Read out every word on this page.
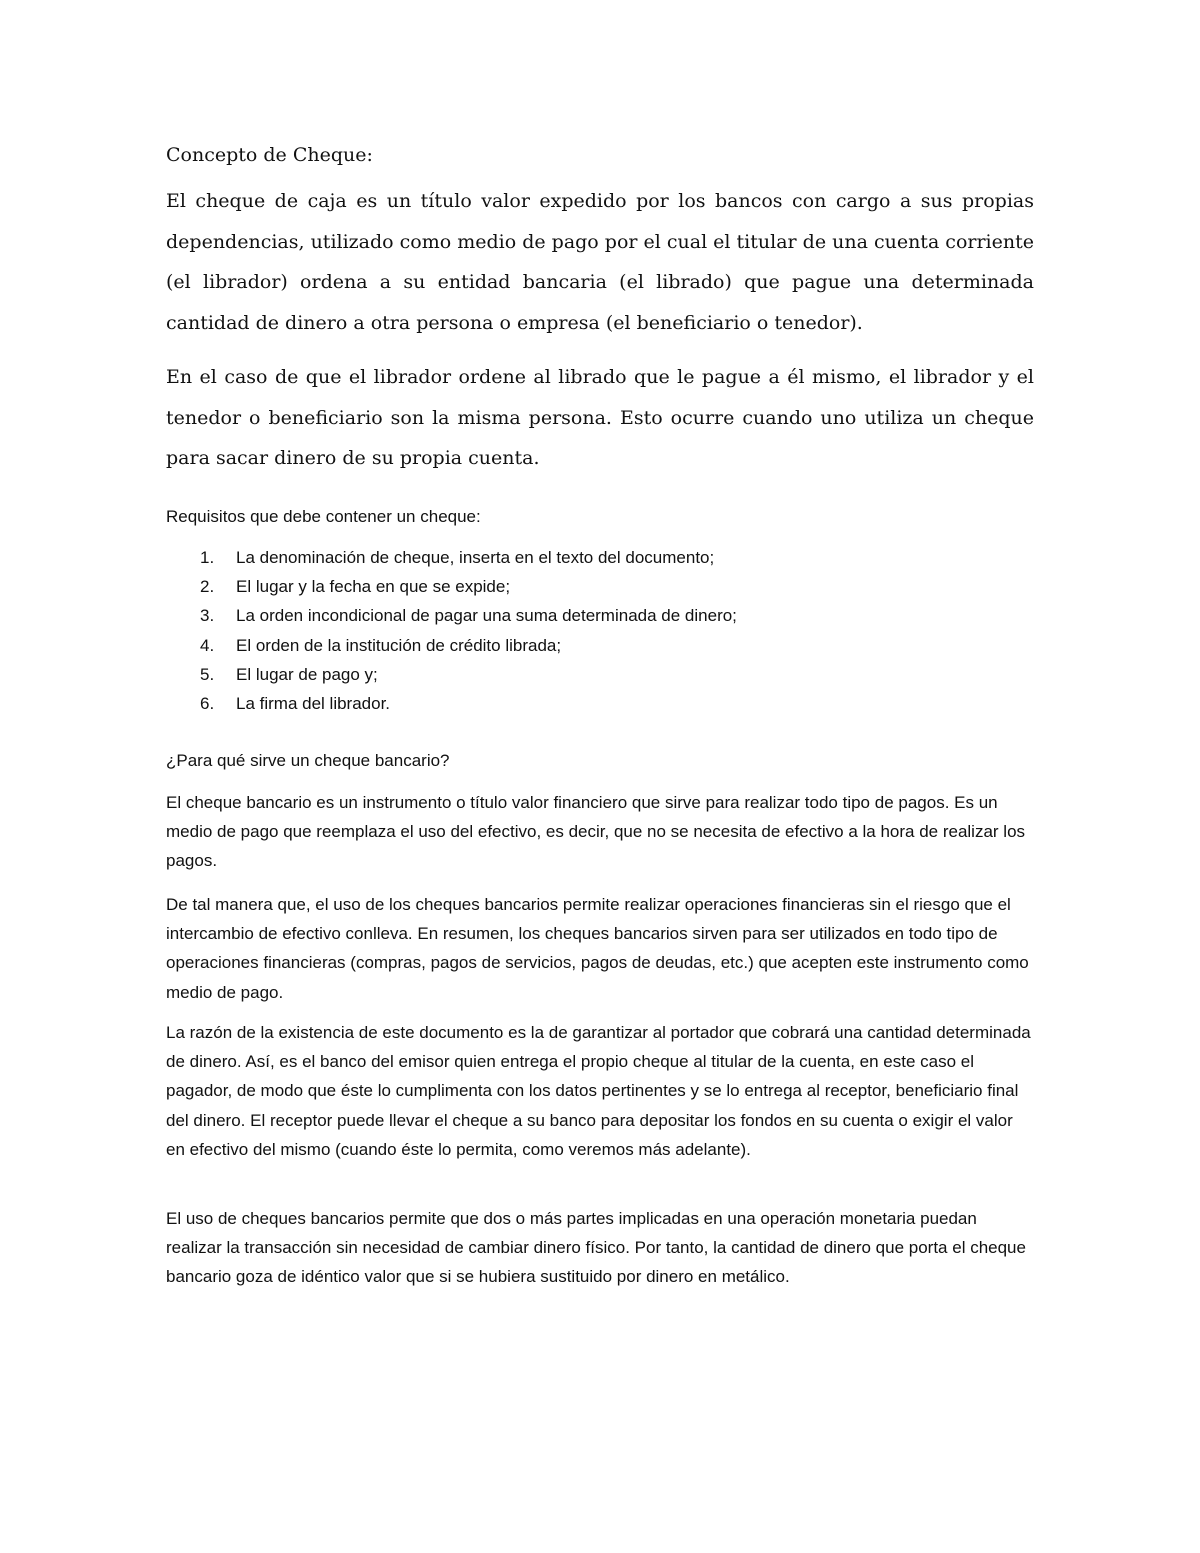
Concepto de Cheque:
El cheque de caja es un título valor expedido por los bancos con cargo a sus propias dependencias, utilizado como medio de pago por el cual el titular de una cuenta corriente (el librador) ordena a su entidad bancaria (el librado) que pague una determinada cantidad de dinero a otra persona o empresa (el beneficiario o tenedor).
En el caso de que el librador ordene al librado que le pague a él mismo, el librador y el tenedor o beneficiario son la misma persona. Esto ocurre cuando uno utiliza un cheque para sacar dinero de su propia cuenta.
Requisitos que debe contener un cheque:
1.	La denominación de cheque, inserta en el texto del documento;
2.	El lugar y la fecha en que se expide;
3.	La orden incondicional de pagar una suma determinada de dinero;
4.	El orden de la institución de crédito librada;
5.	El lugar de pago y;
6.	La firma del librador.
¿Para qué sirve un cheque bancario?
El cheque bancario es un instrumento o título valor financiero que sirve para realizar todo tipo de pagos. Es un medio de pago que reemplaza el uso del efectivo, es decir, que no se necesita de efectivo a la hora de realizar los pagos.
De tal manera que, el uso de los cheques bancarios permite realizar operaciones financieras sin el riesgo que el intercambio de efectivo conlleva. En resumen, los cheques bancarios sirven para ser utilizados en todo tipo de operaciones financieras (compras, pagos de servicios, pagos de deudas, etc.) que acepten este instrumento como medio de pago.
La razón de la existencia de este documento es la de garantizar al portador que cobrará una cantidad determinada de dinero. Así, es el banco del emisor quien entrega el propio cheque al titular de la cuenta, en este caso el pagador, de modo que éste lo cumplimenta con los datos pertinentes y se lo entrega al receptor, beneficiario final del dinero. El receptor puede llevar el cheque a su banco para depositar los fondos en su cuenta o exigir el valor en efectivo del mismo (cuando éste lo permita, como veremos más adelante).
El uso de cheques bancarios permite que dos o más partes implicadas en una operación monetaria puedan realizar la transacción sin necesidad de cambiar dinero físico. Por tanto, la cantidad de dinero que porta el cheque bancario goza de idéntico valor que si se hubiera sustituido por dinero en metálico.
